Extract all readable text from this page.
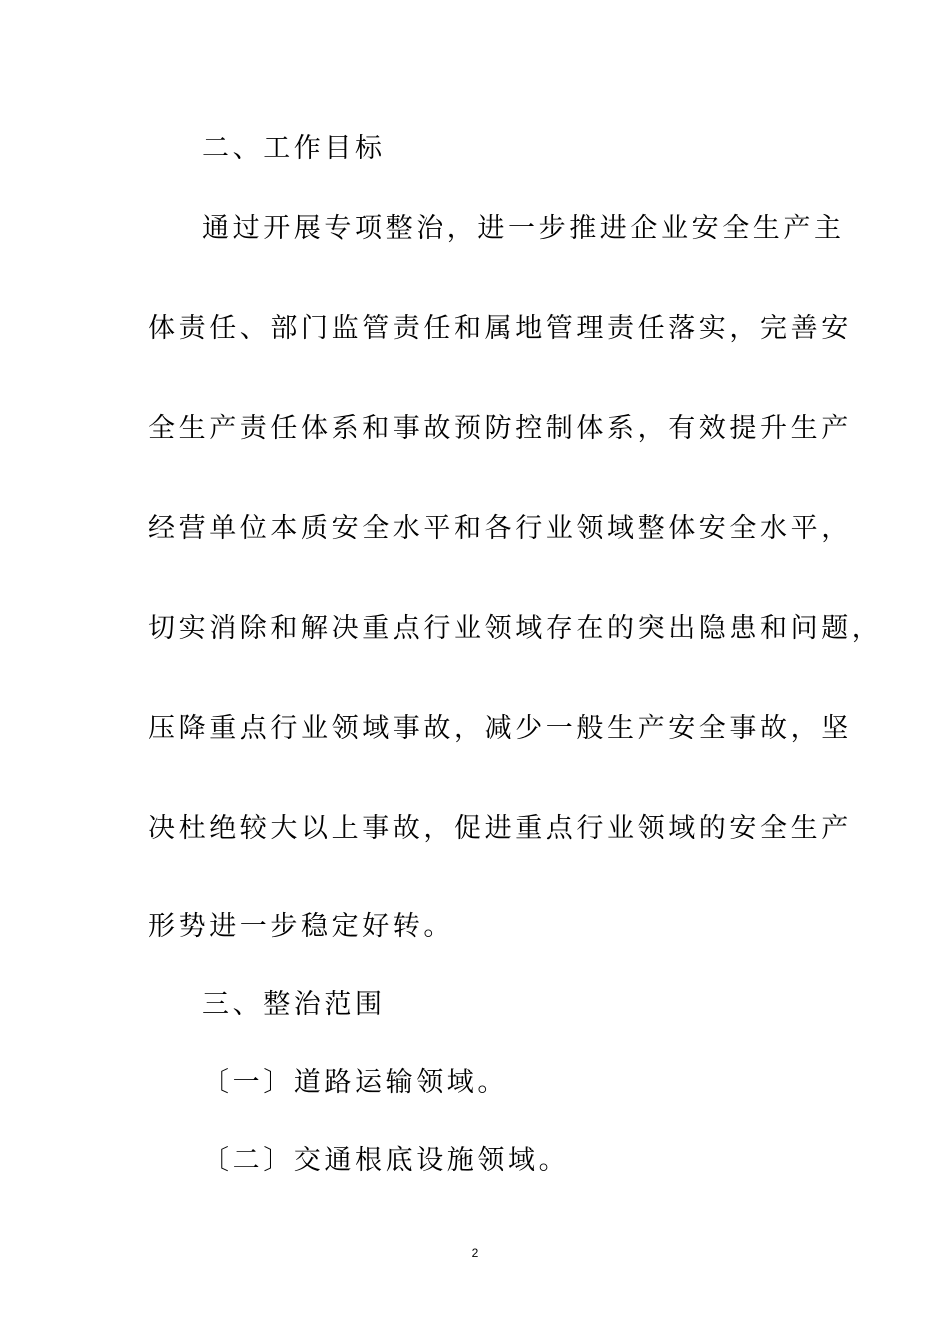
二、工作目标
通过开展专项整治，进一步推进企业安全生产主
体责任、部门监管责任和属地管理责任落实，完善安
全生产责任体系和事故预防控制体系，有效提升生产
经营单位本质安全水平和各行业领域整体安全水平，
切实消除和解决重点行业领域存在的突出隐患和问题，
压降重点行业领域事故，减少一般生产安全事故，坚
决杜绝较大以上事故，促进重点行业领域的安全生产
形势进一步稳定好转。
三、整治范围
〔一〕道路运输领域。
〔二〕交通根底设施领域。
2
